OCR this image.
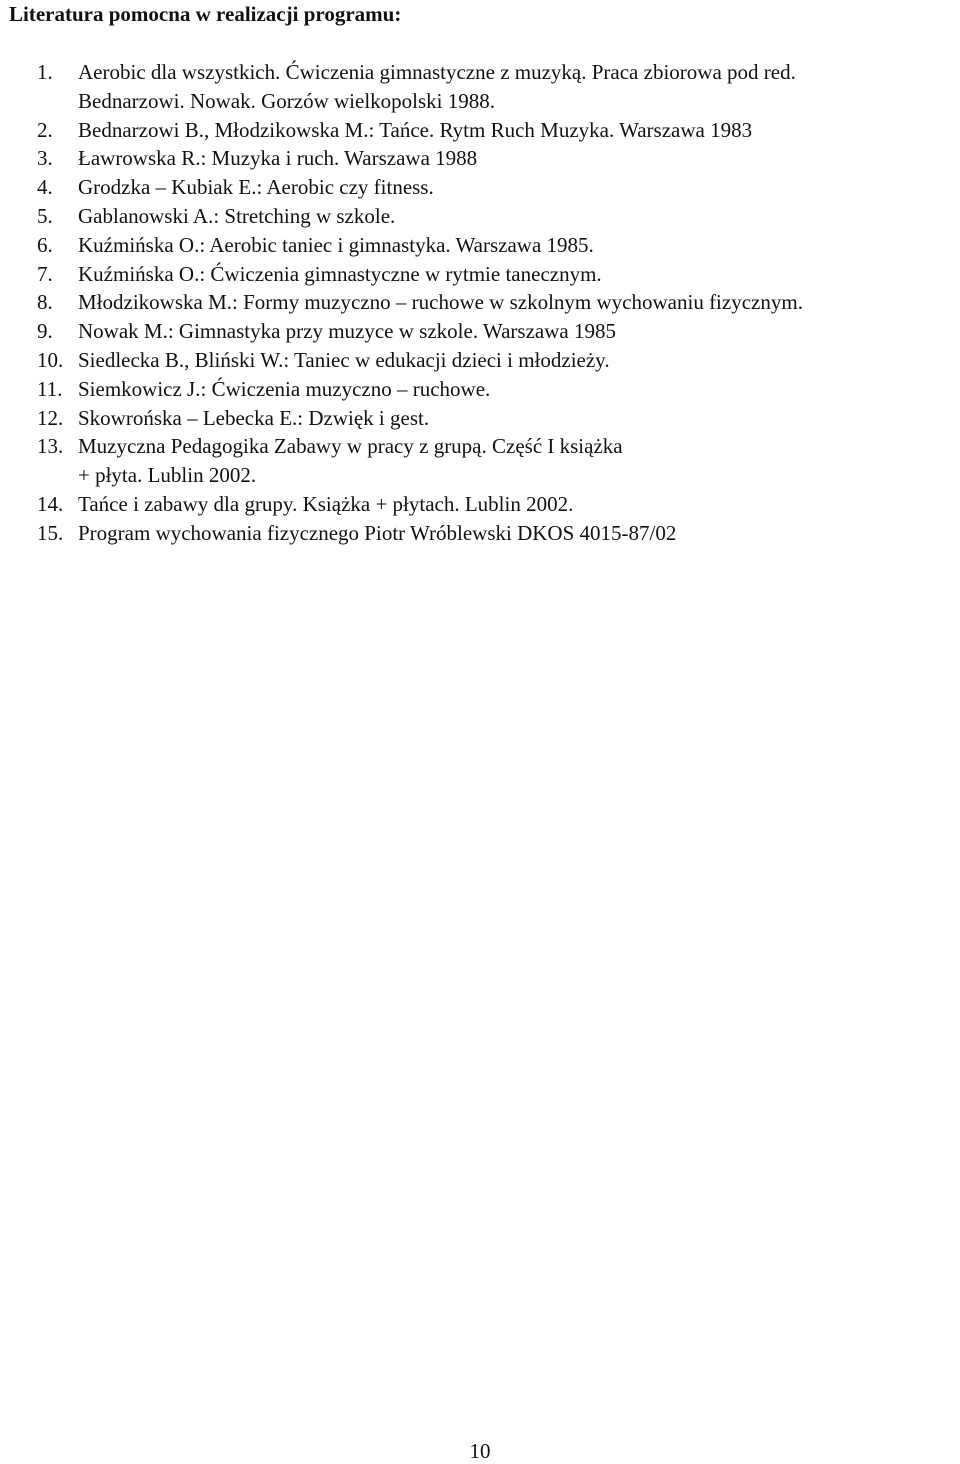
Literatura pomocna w realizacji programu:
1. Aerobic dla wszystkich. Ćwiczenia gimnastyczne z muzyką. Praca zbiorowa pod red.
Bednarzowi. Nowak. Gorzów wielkopolski 1988.
2. Bednarzowi B., Młodzikowska M.: Tańce. Rytm Ruch Muzyka. Warszawa 1983
3. Ławrowska R.: Muzyka i ruch. Warszawa 1988
4. Grodzka – Kubiak E.: Aerobic czy fitness.
5. Gablanowski A.: Stretching w szkole.
6. Kuźmińska O.: Aerobic taniec i gimnastyka. Warszawa 1985.
7. Kuźmińska O.: Ćwiczenia gimnastyczne w rytmie tanecznym.
8. Młodzikowska M.: Formy muzyczno – ruchowe w szkolnym wychowaniu fizycznym.
9. Nowak M.: Gimnastyka przy muzyce w szkole. Warszawa 1985
10. Siedlecka B., Bliński W.: Taniec w edukacji dzieci i młodzieży.
11. Siemkowicz J.: Ćwiczenia muzyczno – ruchowe.
12. Skowrońska – Lebecka E.: Dzwięk i gest.
13. Muzyczna Pedagogika Zabawy w pracy z grupą. Część I książka
+ płyta. Lublin 2002.
14. Tańce i zabawy dla grupy. Książka + płytach. Lublin 2002.
15. Program wychowania fizycznego Piotr Wróblewski DKOS 4015-87/02
10
